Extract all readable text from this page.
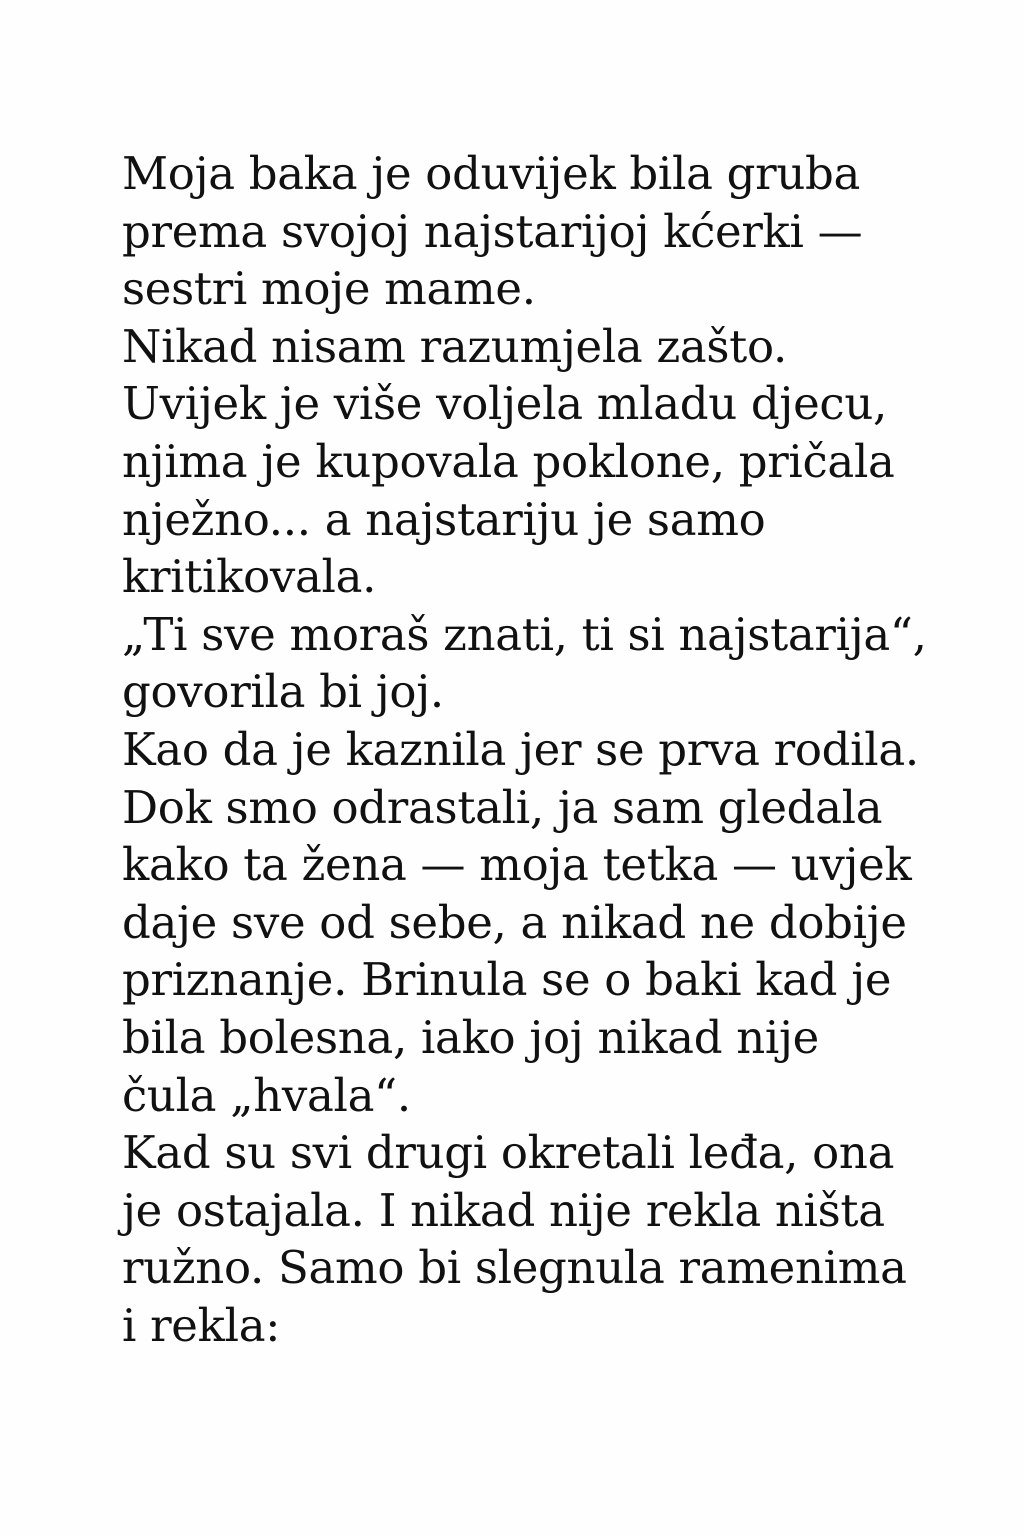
Moja baka je oduvijek bila gruba
prema svojoj najstarijoj kćerki —
sestri moje mame.
Nikad nisam razumjela zašto.
Uvijek je više voljela mladu djecu,
njima je kupovala poklone, pričala
nježno... a najstariju je samo
kritikovala.
„Ti sve moraš znati, ti si najstarija“,
govorila bi joj.
Kao da je kaznila jer se prva rodila.
Dok smo odrastali, ja sam gledala
kako ta žena — moja tetka — uvjek
daje sve od sebe, a nikad ne dobije
priznanje. Brinula se o baki kad je
bila bolesna, iako joj nikad nije
čula „hvala“.
Kad su svi drugi okretali leđa, ona
je ostajala. I nikad nije rekla ništa
ružno. Samo bi slegnula ramenima
i rekla:
